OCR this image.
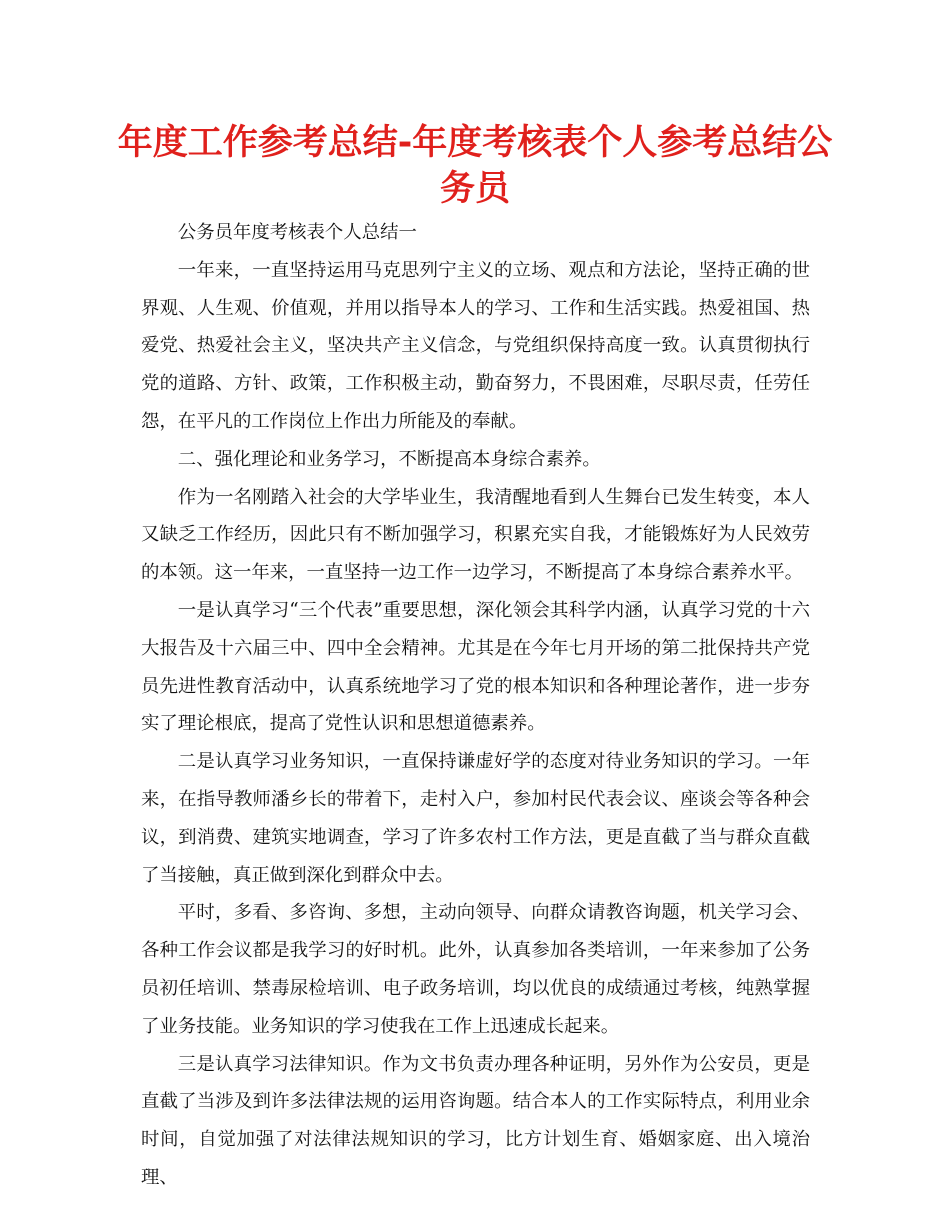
年度工作参考总结-年度考核表个人参考总结公务员

公务员年度考核表个人总结一

一年来，一直坚持运用马克思列宁主义的立场、观点和方法论，坚持正确的世界观、人生观、价值观，并用以指导本人的学习、工作和生活实践。热爱祖国、热爱党、热爱社会主义，坚决共产主义信念，与党组织保持高度一致。认真贯彻执行党的道路、方针、政策，工作积极主动，勤奋努力，不畏困难，尽职尽责，任劳任怨，在平凡的工作岗位上作出力所能及的奉献。

二、强化理论和业务学习，不断提高本身综合素养。

作为一名刚踏入社会的大学毕业生，我清醒地看到人生舞台已发生转变，本人又缺乏工作经历，因此只有不断加强学习，积累充实自我，才能锻炼好为人民效劳的本领。这一年来，一直坚持一边工作一边学习，不断提高了本身综合素养水平。

一是认真学习“三个代表”重要思想，深化领会其科学内涵，认真学习党的十六大报告及十六届三中、四中全会精神。尤其是在今年七月开场的第二批保持共产党员先进性教育活动中，认真系统地学习了党的根本知识和各种理论著作，进一步夯实了理论根底，提高了党性认识和思想道德素养。

二是认真学习业务知识，一直保持谦虚好学的态度对待业务知识的学习。一年来，在指导教师潘乡长的带着下，走村入户，参加村民代表会议、座谈会等各种会议，到消费、建筑实地调查，学习了许多农村工作方法，更是直截了当与群众直截了当接触，真正做到深化到群众中去。

平时，多看、多咨询、多想，主动向领导、向群众请教咨询题，机关学习会、各种工作会议都是我学习的好时机。此外，认真参加各类培训，一年来参加了公务员初任培训、禁毒尿检培训、电子政务培训，均以优良的成绩通过考核，纯熟掌握了业务技能。业务知识的学习使我在工作上迅速成长起来。

三是认真学习法律知识。作为文书负责办理各种证明，另外作为公安员，更是直截了当涉及到许多法律法规的运用咨询题。结合本人的工作实际特点，利用业余时间，自觉加强了对法律法规知识的学习，比方计划生育、婚姻家庭、出入境治理、
